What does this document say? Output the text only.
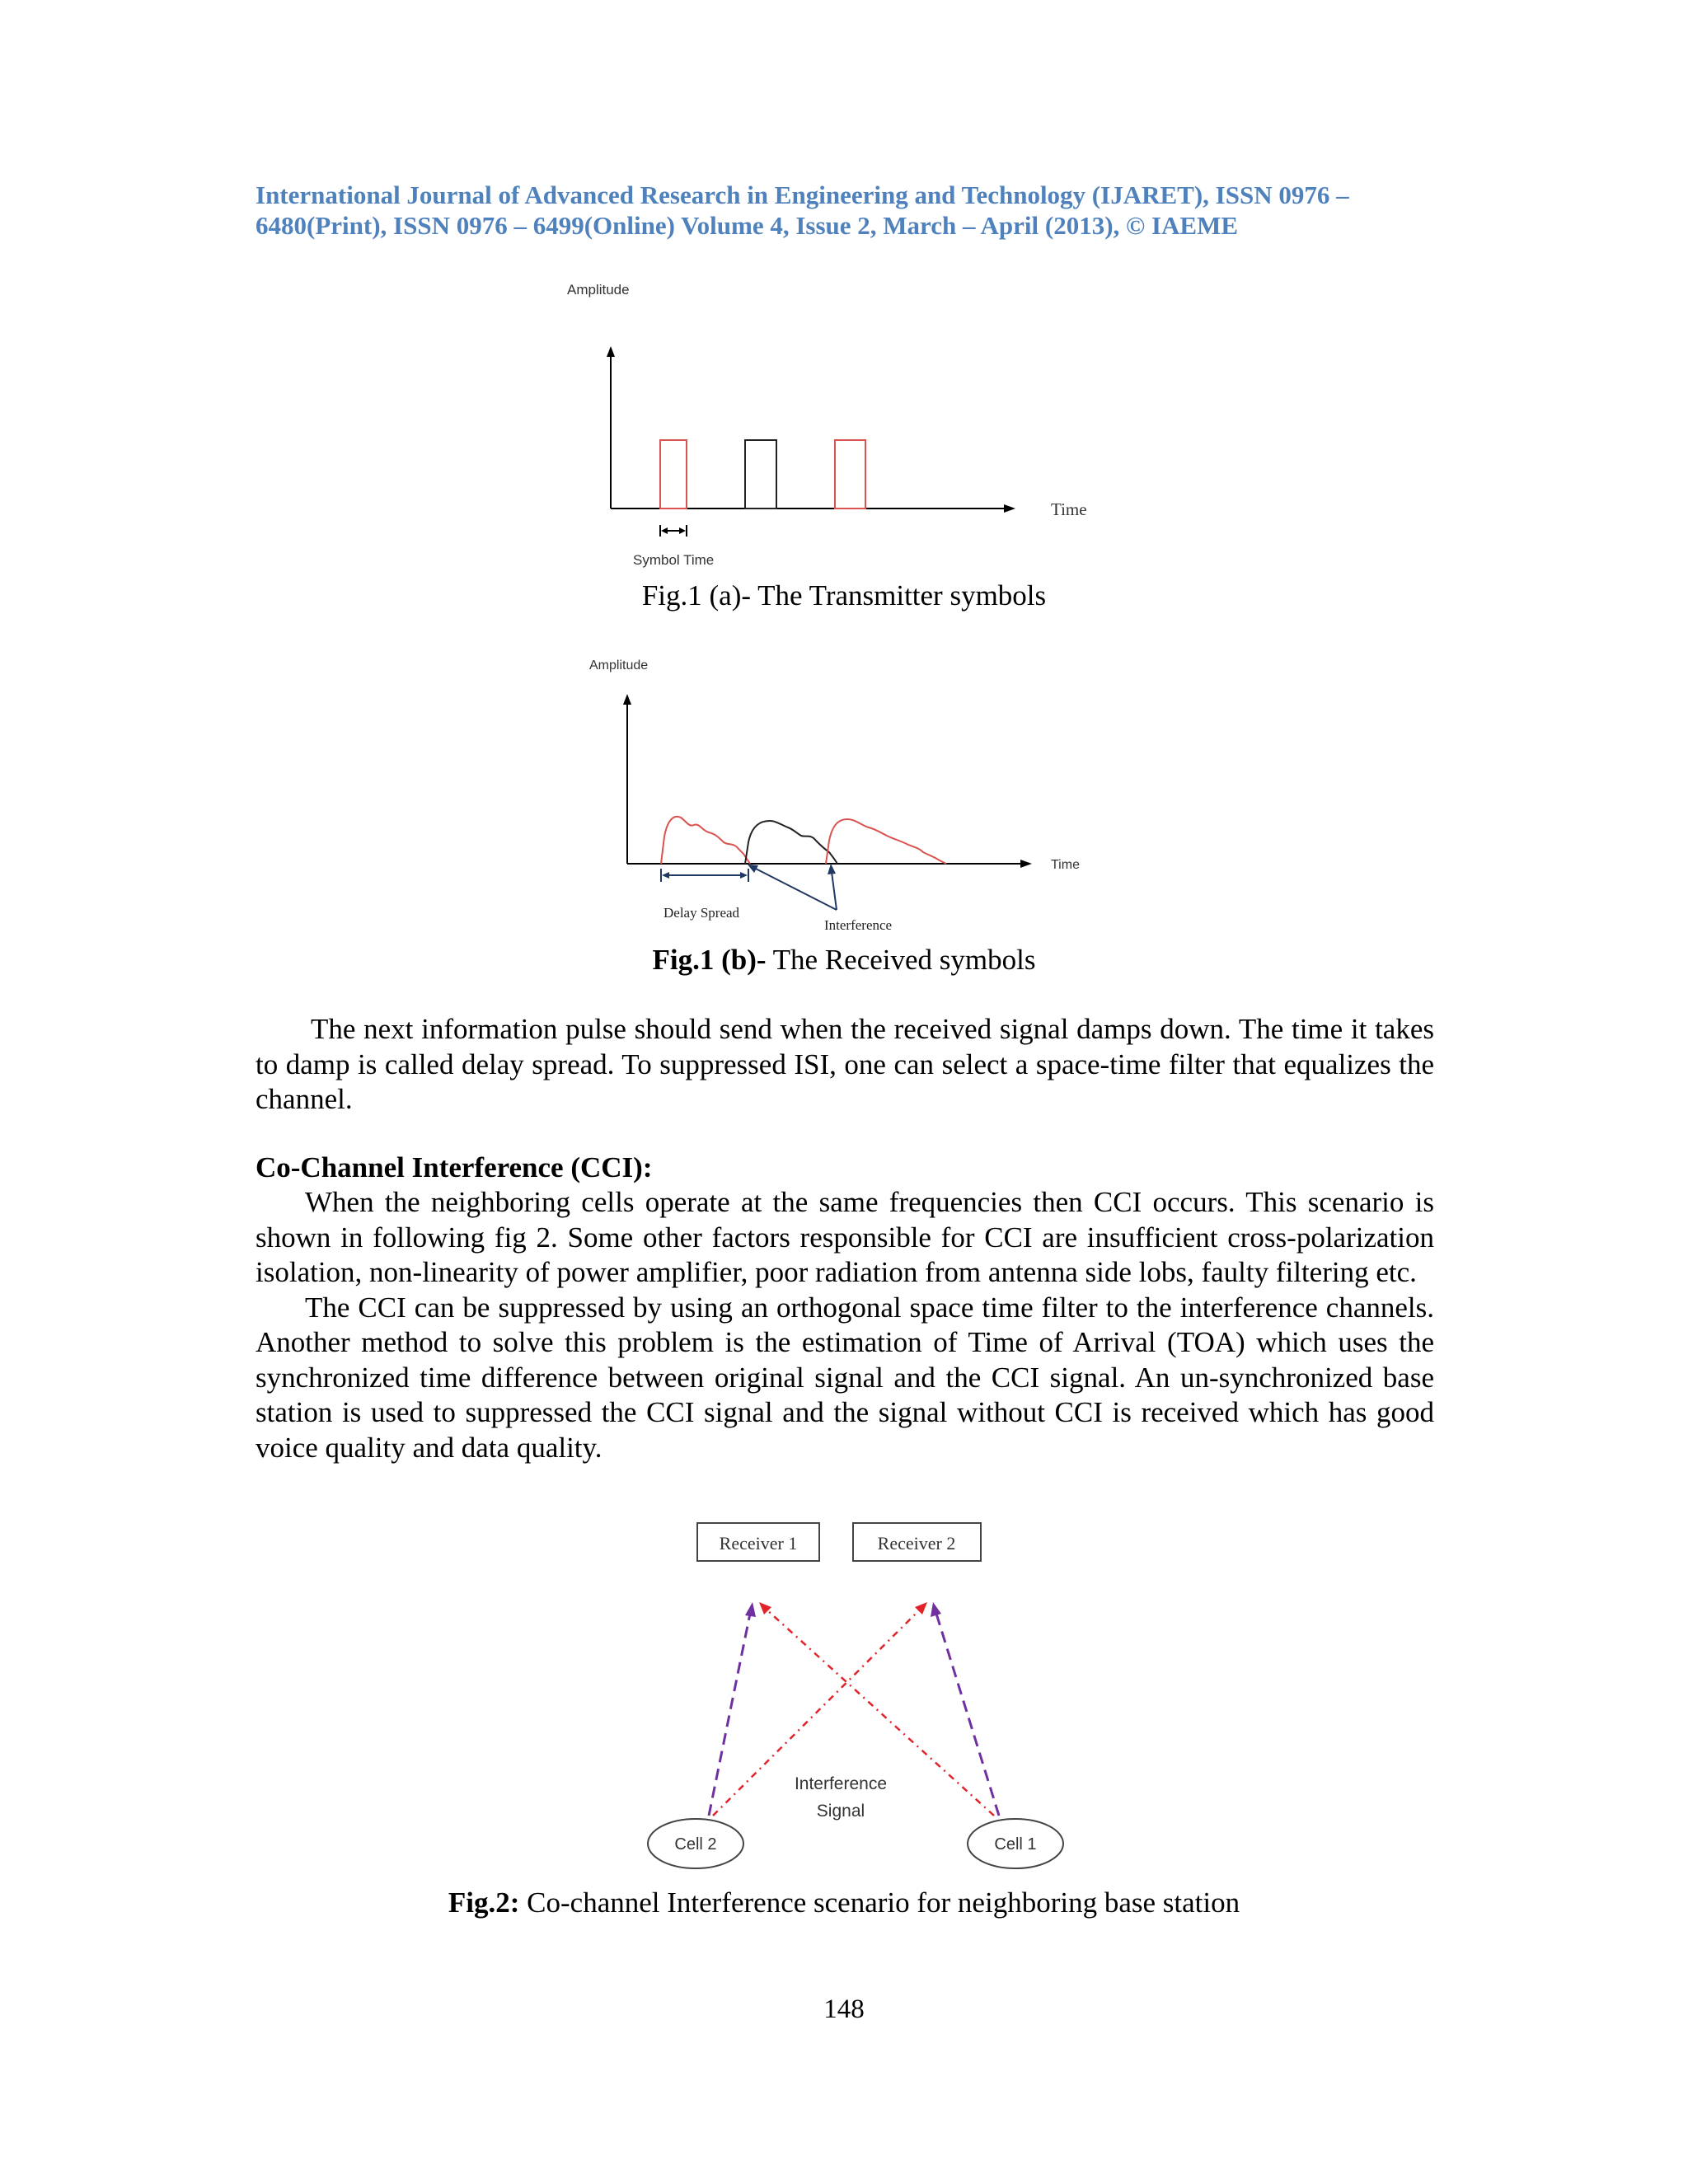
International Journal of Advanced Research in Engineering and Technology (IJARET), ISSN 0976 –
6480(Print), ISSN 0976 – 6499(Online) Volume 4, Issue 2, March – April (2013), © IAEME
Amplitude
Time
Symbol Time
Fig.1 (a)- The Transmitter symbols
Amplitude
Time
Delay Spread
Interference
Fig.1 (b)- The Received symbols

The next information pulse should send when the received signal damps down. The time it takes to damp is called delay spread. To suppressed ISI, one can select a space-time filter that equalizes the channel.

Co-Channel Interference (CCI):

When the neighboring cells operate at the same frequencies then CCI occurs. This scenario is shown in following fig 2. Some other factors responsible for CCI are insufficient cross-polarization isolation, non-linearity of power amplifier, poor radiation from antenna side lobs, faulty filtering etc.

The CCI can be suppressed by using an orthogonal space time filter to the interference channels. Another method to solve this problem is the estimation of Time of Arrival (TOA) which uses the synchronized time difference between original signal and the CCI signal. An un-synchronized base station is used to suppressed the CCI signal and the signal without CCI is received which has good voice quality and data quality.

Receiver 1	Receiver 2
Interference
Signal
Cell 2	Cell 1
Fig.2: Co-channel Interference scenario for neighboring base station
148
